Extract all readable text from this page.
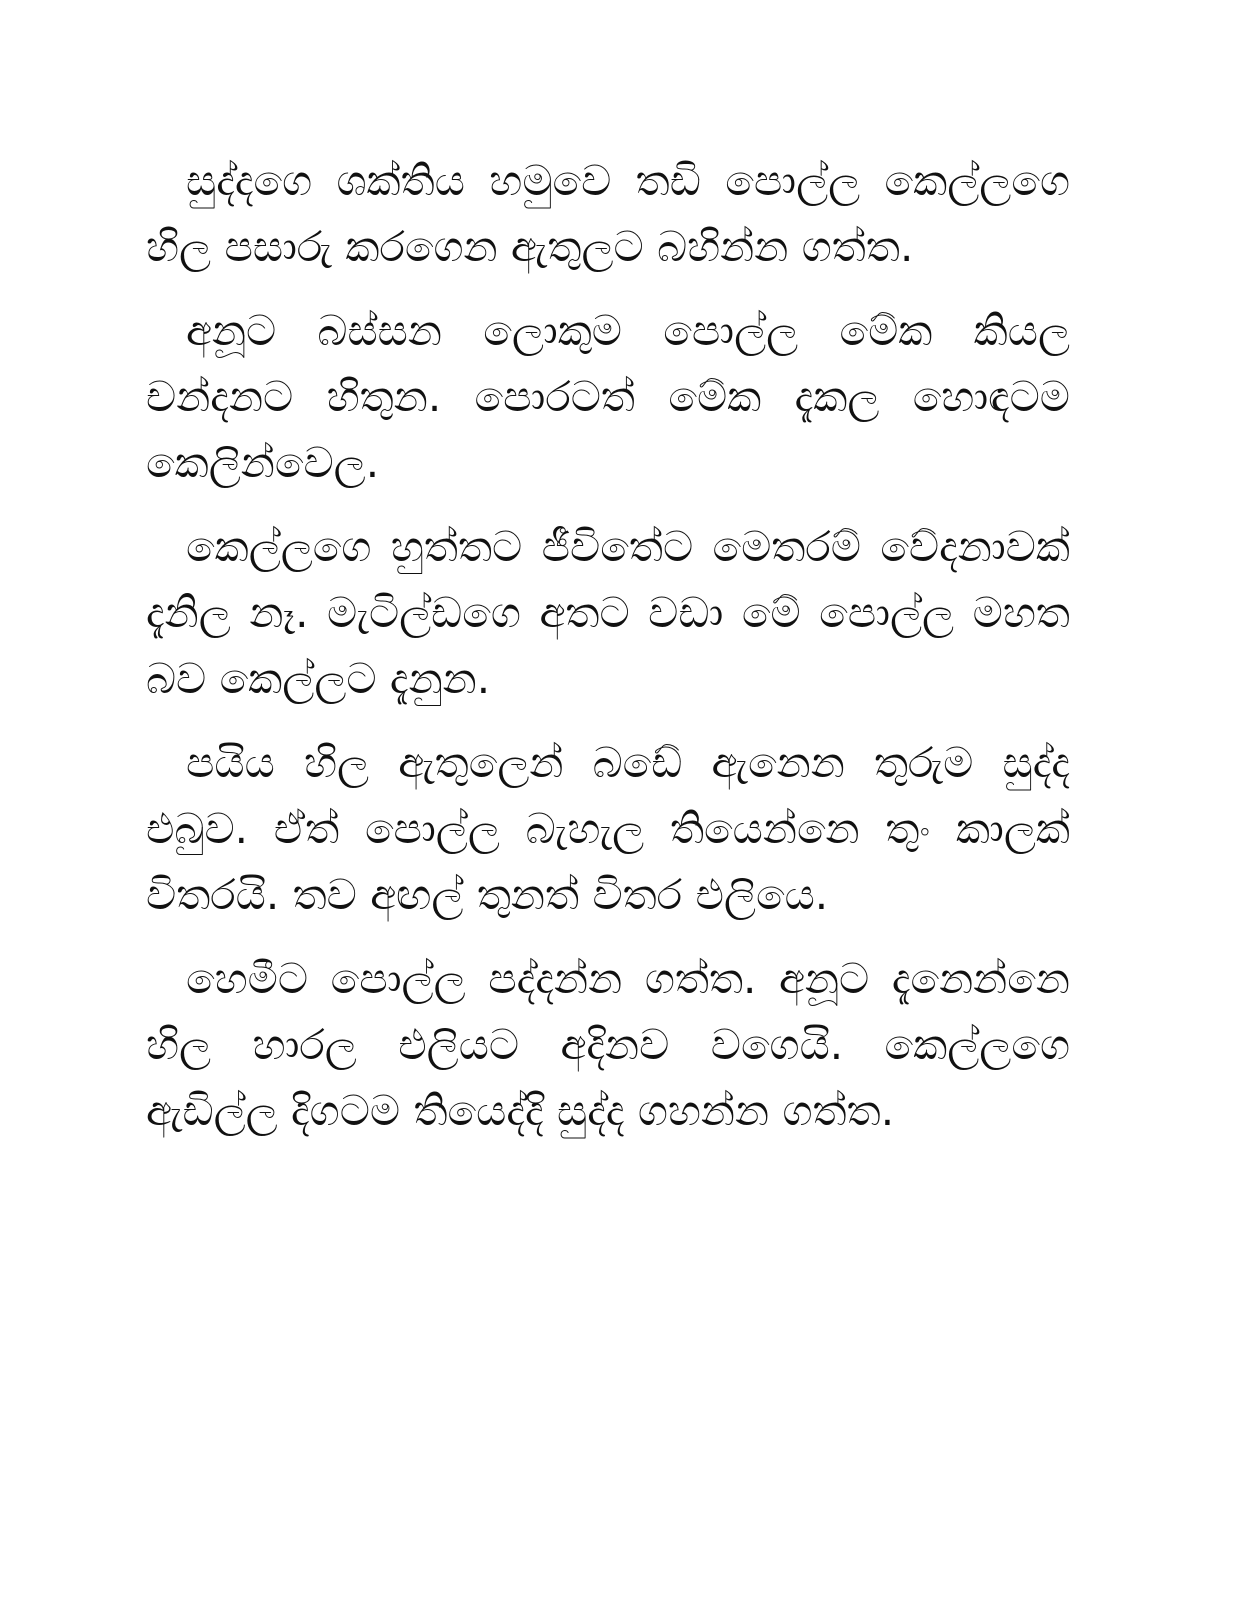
සුද්දගෙ ශක්තිය හමුවෙ තඩි පොල්ල කෙල්ලගෙ හිල පසාරු කරගෙන ඇතුලට බහින්න ගත්ත.

අනූට බස්සන ලොකුම පොල්ල මේක කියල චන්දනට හිතුන. පොරටත් මේක දැකල හොඳටම කෙලින්වෙල.

කෙල්ලගෙ හුත්තට ජීවිතේට මෙතරම් වේදනාවක් දැනිල නෑ. මැටිල්ඩගෙ අතට වඩා මේ පොල්ල මහත බව කෙල්ලට දැනුන.

පයිය හිල ඇතුලෙන් බඩේ ඇනෙන තුරුම සුද්ද එබුව. ඒත් පොල්ල බැහැල තියෙන්නෙ තුං කාලක් විතරයි. තව අඟල් තුනත් විතර එලියෙ.

හෙමීට පොල්ල පද්දන්න ගත්ත. අනූට දැනෙන්නෙ හිල හාරල එලියට අදිනව වගෙයි. කෙල්ලගෙ ඇඩිල්ල දිගටම තියෙද්දි සුද්ද ගහන්න ගත්ත.
